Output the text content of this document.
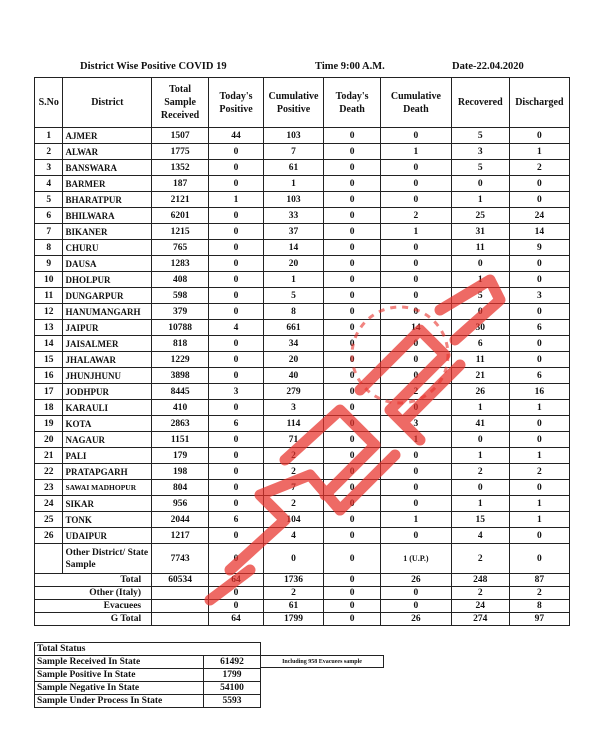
District Wise Positive COVID 19	Time 9:00 A.M.	Date-22.04.2020
S.No	District	Total Sample Received	Today's Positive	Cumulative Positive	Today's Death	Cumulative Death	Recovered	Discharged
1	AJMER	1507	44	103	0	0	5	0
2	ALWAR	1775	0	7	0	1	3	1
3	BANSWARA	1352	0	61	0	0	5	2
4	BARMER	187	0	1	0	0	0	0
5	BHARATPUR	2121	1	103	0	0	1	0
6	BHILWARA	6201	0	33	0	2	25	24
7	BIKANER	1215	0	37	0	1	31	14
8	CHURU	765	0	14	0	0	11	9
9	DAUSA	1283	0	20	0	0	0	0
10	DHOLPUR	408	0	1	0	0	1	0
11	DUNGARPUR	598	0	5	0	0	5	3
12	HANUMANGARH	379	0	8	0	0	0	0
13	JAIPUR	10788	4	661	0	14	30	6
14	JAISALMER	818	0	34	0	0	6	0
15	JHALAWAR	1229	0	20	0	0	11	0
16	JHUNJHUNU	3898	0	40	0	0	21	6
17	JODHPUR	8445	3	279	0	2	26	16
18	KARAULI	410	0	3	0	0	1	1
19	KOTA	2863	6	114	0	3	41	0
20	NAGAUR	1151	0	71	0	1	0	0
21	PALI	179	0	2	0	0	1	1
22	PRATAPGARH	198	0	2	0	0	2	2
23	SAWAI MADHOPUR	804	0	7	0	0	0	0
24	SIKAR	956	0	2	0	0	1	1
25	TONK	2044	6	104	0	1	15	1
26	UDAIPUR	1217	0	4	0	0	4	0
	Other District/ State Sample	7743	0	0	0	1 (U.P.)	2	0
Total		60534	64	1736	0	26	248	87
Other (Italy)			0	2	0	0	2	2
Evacuees			0	61	0	0	24	8
G Total			64	1799	0	26	274	97
Total Status	
Sample Received In State	61492
Sample Positive In State	1799
Sample Negative In State	54100
Sample Under Process In State	5593
Including 958 Evacuees sample
